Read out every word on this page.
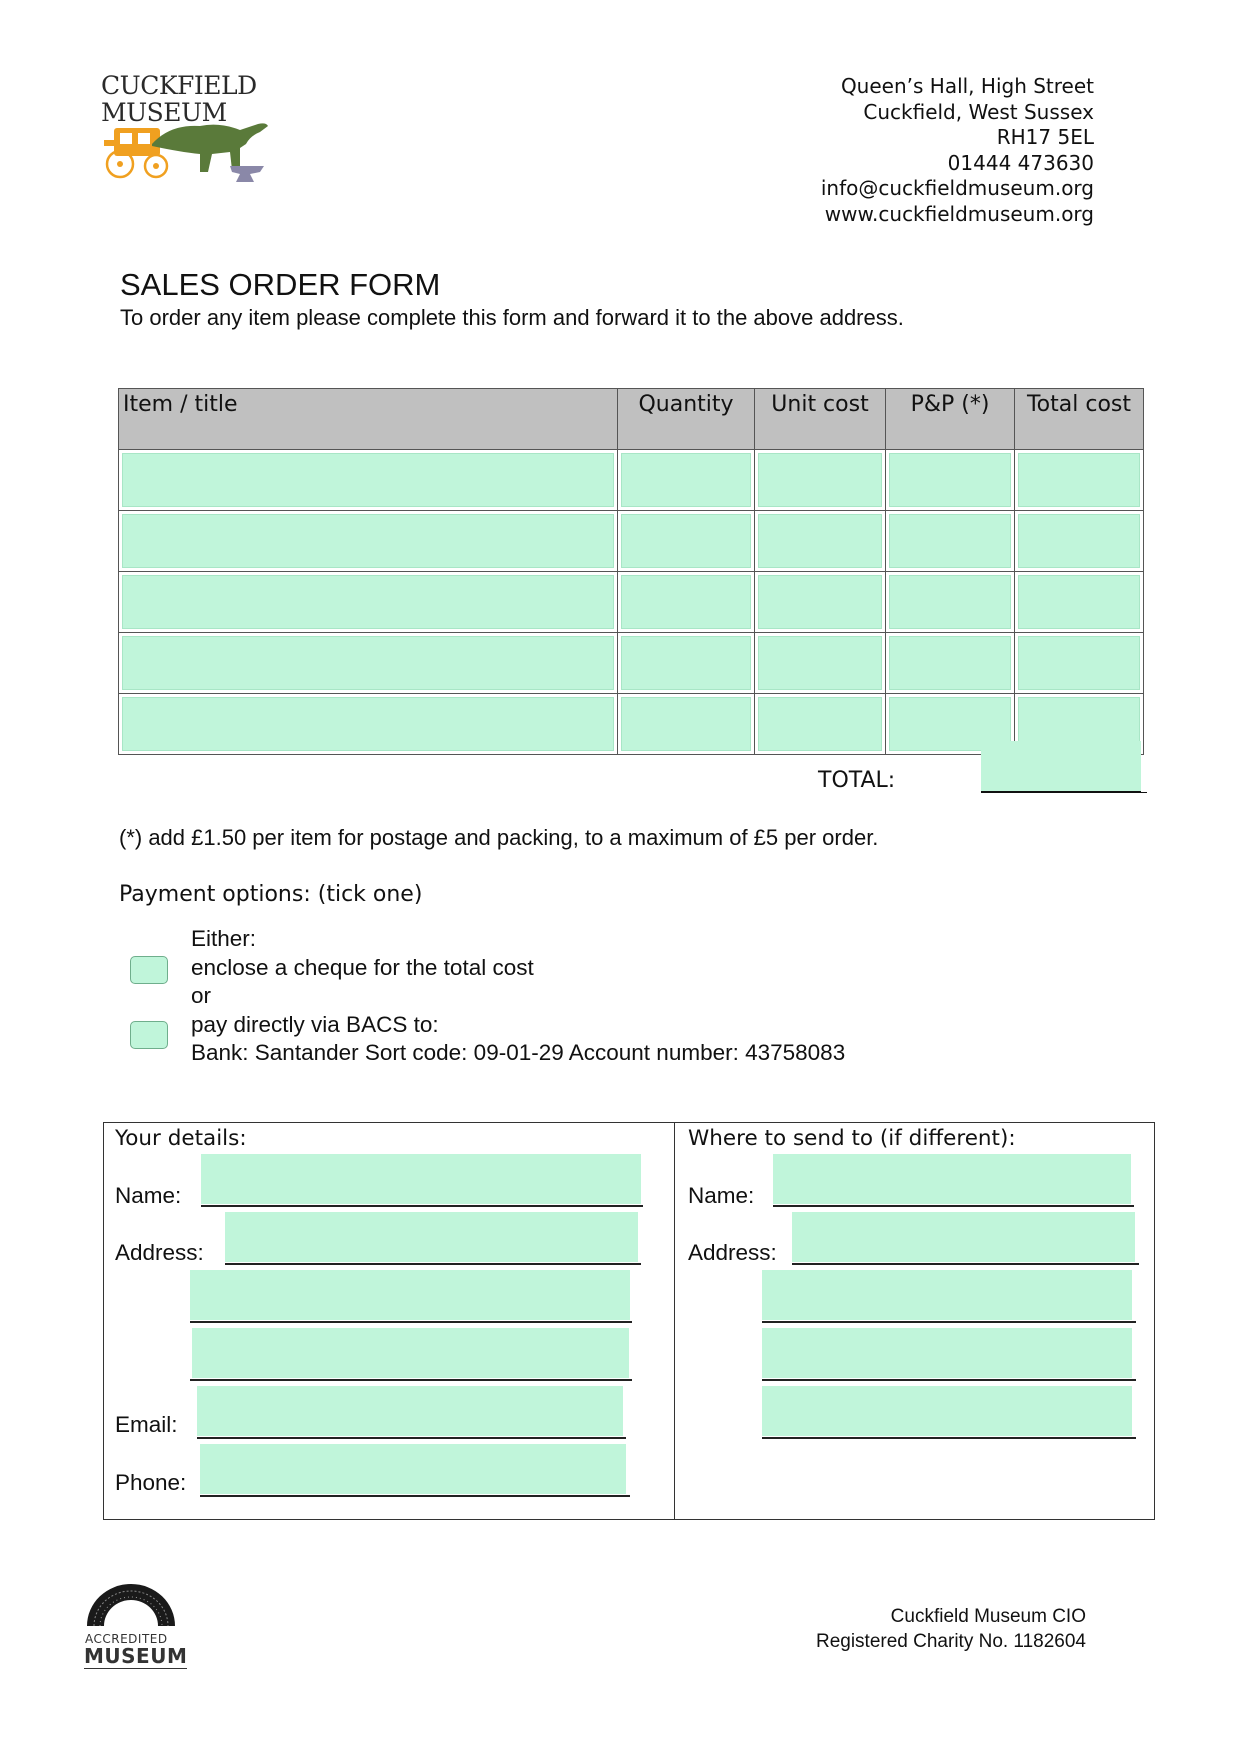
CUCKFIELD
MUSEUM
Queen’s Hall, High Street
Cuckfield, West Sussex
RH17 5EL
01444 473630
info@cuckfieldmuseum.org
www.cuckfieldmuseum.org
SALES ORDER FORM
To order any item please complete this form and forward it to the above address.
Item / title	Quantity	Unit cost	P&P (*)	Total cost

TOTAL:
(*) add £1.50 per item for postage and packing, to a maximum of £5 per order.
Payment options: (tick one)
Either:
enclose a cheque for the total cost
or
pay directly via BACS to:
Bank: Santander Sort code: 09-01-29 Account number: 43758083
Your details:
Name:
Address:
Email:
Phone:
Where to send to (if different):
Name:
Address:
ACCREDITED
MUSEUM
Cuckfield Museum CIO
Registered Charity No. 1182604
